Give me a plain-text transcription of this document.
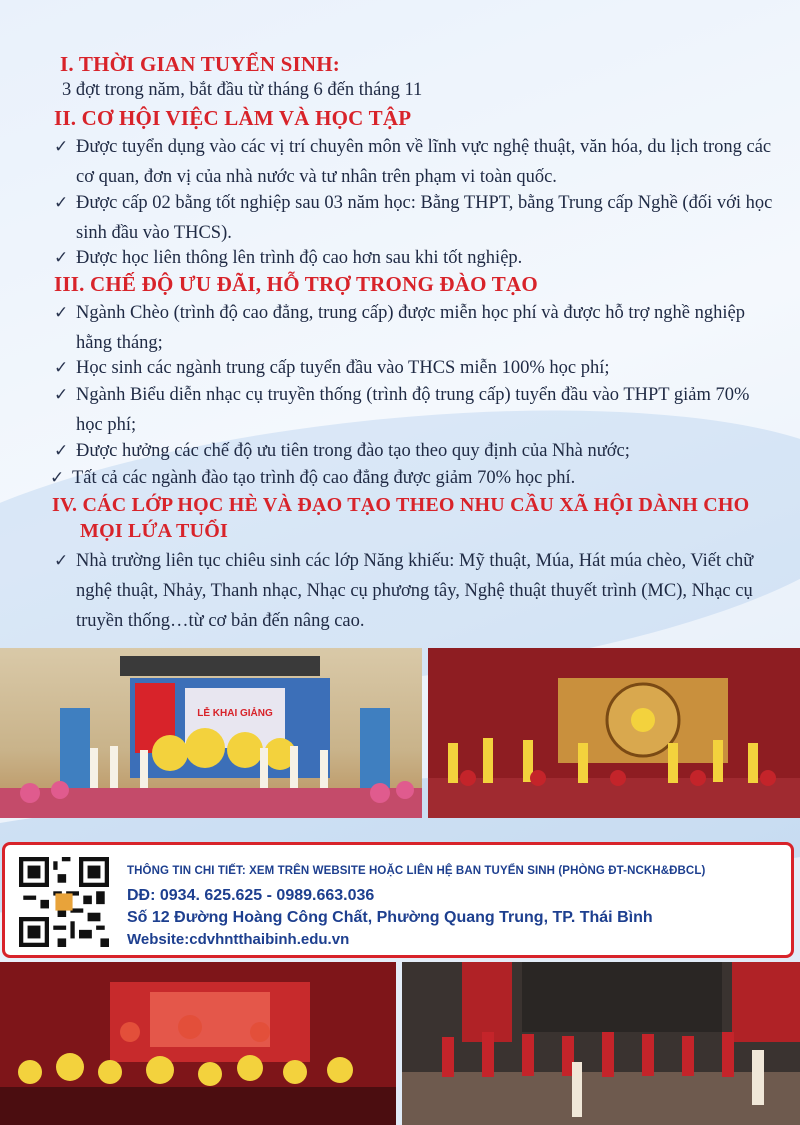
I. THỜI GIAN TUYỂN SINH:
3 đợt trong năm, bắt đầu từ tháng 6 đến tháng 11
II. CƠ HỘI VIỆC LÀM VÀ HỌC TẬP
✓ Được tuyển dụng vào các vị trí chuyên môn về lĩnh vực nghệ thuật, văn hóa, du lịch trong các cơ quan, đơn vị của nhà nước và tư nhân trên phạm vi toàn quốc.
✓ Được cấp 02 bằng tốt nghiệp sau 03 năm học: Bằng THPT, bằng Trung cấp Nghề (đối với học sinh đầu vào THCS).
✓ Được học liên thông lên trình độ cao hơn sau khi tốt nghiệp.
III. CHẾ ĐỘ ƯU ĐÃI, HỖ TRỢ TRONG ĐÀO TẠO
✓ Ngành Chèo (trình độ cao đẳng, trung cấp) được miễn học phí và được hỗ trợ nghề nghiệp hằng tháng;
✓ Học sinh các ngành trung cấp tuyển đầu vào THCS miễn 100% học phí;
✓ Ngành Biểu diễn nhạc cụ truyền thống (trình độ trung cấp) tuyển đầu vào THPT giảm 70% học phí;
✓ Được hưởng các chế độ ưu tiên trong đào tạo theo quy định của Nhà nước;
✓ Tất cả các ngành đào tạo trình độ cao đẳng được giảm 70% học phí.
IV. CÁC LỚP HỌC HÈ VÀ ĐẠO TẠO THEO NHU CẦU XÃ HỘI DÀNH CHO
MỌI LỨA TUỔI
✓ Nhà trường liên tục chiêu sinh các lớp Năng khiếu: Mỹ thuật, Múa, Hát múa chèo, Viết chữ nghệ thuật, Nhảy, Thanh nhạc, Nhạc cụ phương tây, Nghệ thuật thuyết trình (MC), Nhạc cụ truyền thống…từ cơ bản đến nâng cao.
LỄ KHAI GIẢNG
THÔNG TIN CHI TIẾT: XEM TRÊN WEBSITE HOẶC LIÊN HỆ BAN TUYỂN SINH (PHÒNG ĐT-NCKH&ĐBCL)
DĐ: 0934. 625.625 - 0989.663.036
Số 12 Đường Hoàng Công Chất, Phường Quang Trung, TP. Thái Bình
Website:cdvhntthaibinh.edu.vn
